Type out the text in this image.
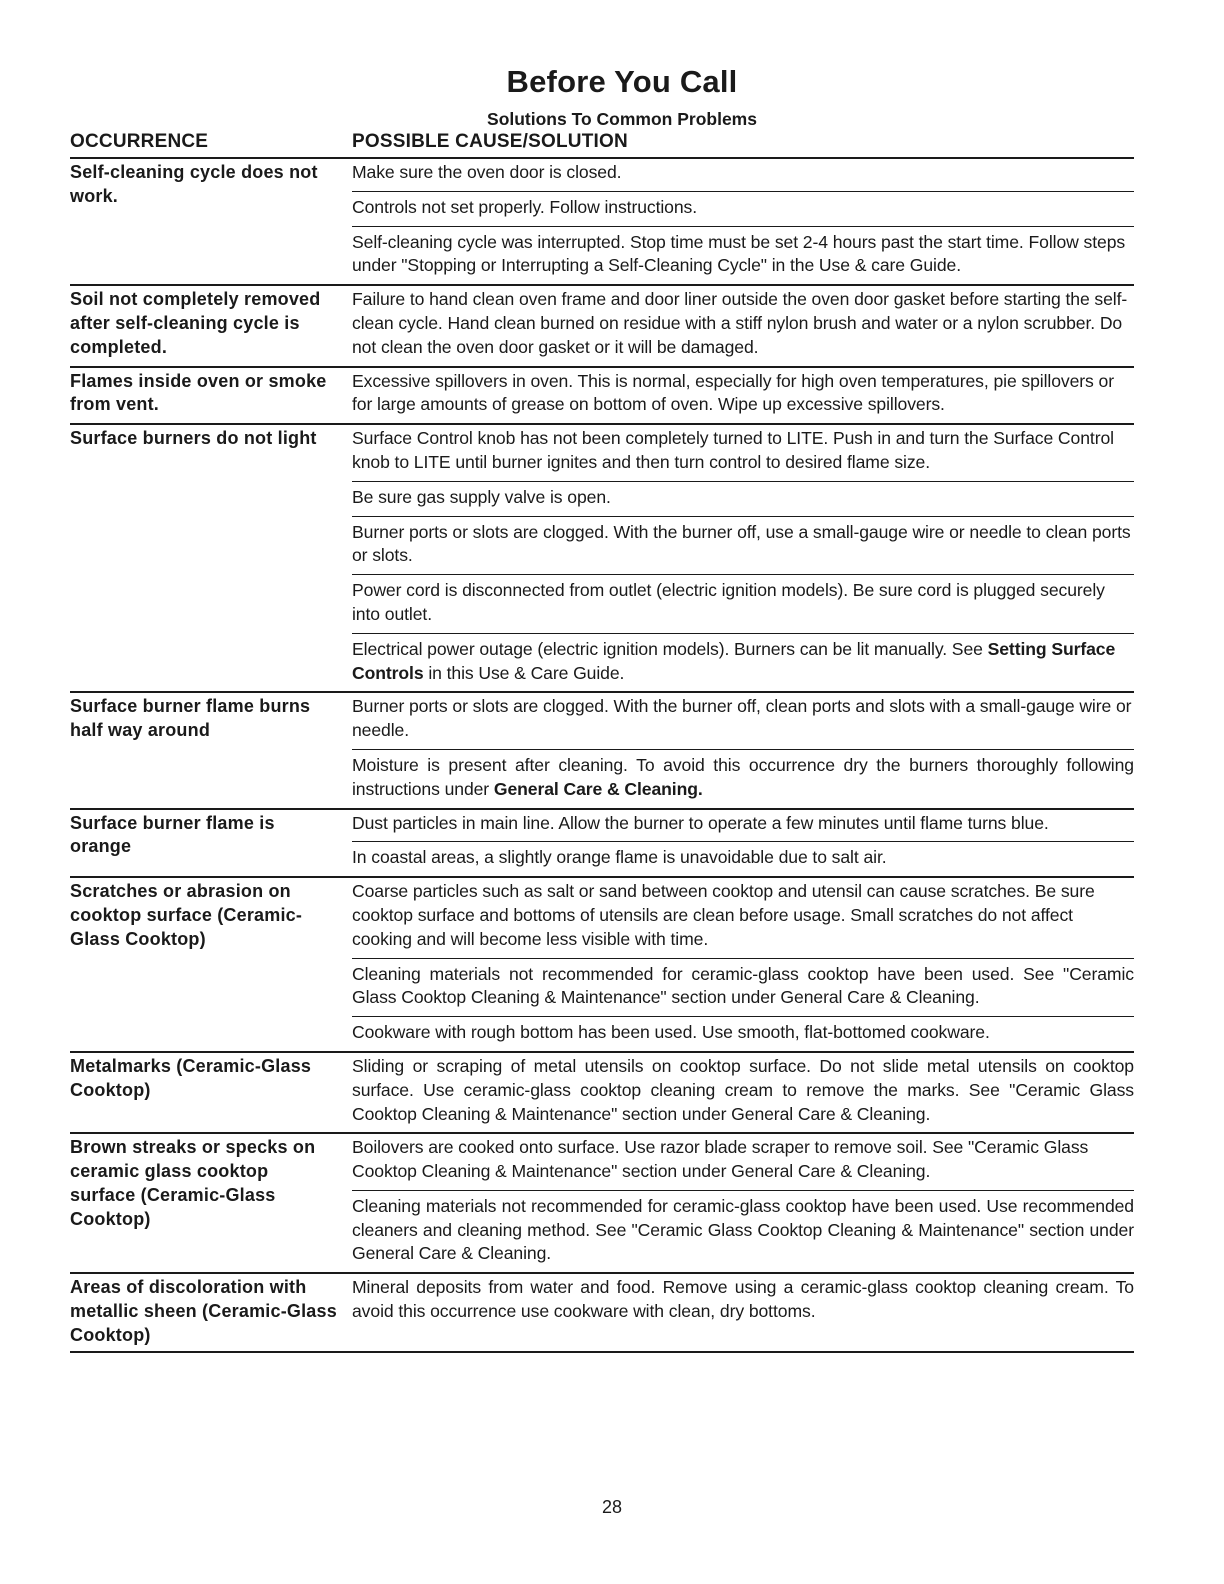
Before You Call
Solutions To Common Problems
OCCURRENCE	POSSIBLE CAUSE/SOLUTION
Self-cleaning cycle does not work.
Make sure the oven door is closed.
Controls not set properly. Follow instructions.
Self-cleaning cycle was interrupted. Stop time must be set 2-4 hours past the start time. Follow steps under "Stopping or Interrupting a Self-Cleaning Cycle" in the Use & care Guide.
Soil not completely removed after self-cleaning cycle is completed.
Failure to hand clean oven frame and door liner outside the oven door gasket before starting the self-clean cycle. Hand clean burned on residue with a stiff nylon brush and water or a nylon scrubber. Do not clean the oven door gasket or it will be damaged.
Flames inside oven or smoke from vent.
Excessive spillovers in oven. This is normal, especially for high oven temperatures, pie spillovers or for large amounts of grease on bottom of oven. Wipe up excessive spillovers.
Surface burners do not light	Surface Control knob has not been completely turned to LITE. Push in and turn the Surface Control knob to LITE until burner ignites and then turn control to desired flame size.
Be sure gas supply valve is open.
Burner ports or slots are clogged. With the burner off, use a small-gauge wire or needle to clean ports or slots.
Power cord is disconnected from outlet (electric ignition models). Be sure cord is plugged securely into outlet.
Electrical power outage (electric ignition models). Burners can be lit manually. See Setting Surface Controls in this Use & Care Guide.
Surface burner flame burns half way around
Burner ports or slots are clogged. With the burner off, clean ports and slots with a small-gauge wire or needle.
Moisture is present after cleaning. To avoid this occurrence dry the burners thoroughly following instructions under General Care & Cleaning.
Surface burner flame is orange
Dust particles in main line. Allow the burner to operate a few minutes until flame turns blue.
In coastal areas, a slightly orange flame is unavoidable due to salt air.
Scratches or abrasion on cooktop surface (Ceramic-Glass Cooktop)
Coarse particles such as salt or sand between cooktop and utensil can cause scratches. Be sure cooktop surface and bottoms of utensils are clean before usage. Small scratches do not affect cooking and will become less visible with time.
Cleaning materials not recommended for ceramic-glass cooktop have been used. See "Ceramic Glass Cooktop Cleaning & Maintenance" section under General Care & Cleaning.
Cookware with rough bottom has been used. Use smooth, flat-bottomed cookware.
Metalmarks (Ceramic-Glass Cooktop)
Sliding or scraping of metal utensils on cooktop surface. Do not slide metal utensils on cooktop surface. Use ceramic-glass cooktop cleaning cream to remove the marks. See "Ceramic Glass Cooktop Cleaning & Maintenance" section under General Care & Cleaning.
Brown streaks or specks on ceramic glass cooktop surface (Ceramic-Glass Cooktop)
Boilovers are cooked onto surface. Use razor blade scraper to remove soil. See "Ceramic Glass Cooktop Cleaning & Maintenance" section under General Care & Cleaning.
Cleaning materials not recommended for ceramic-glass cooktop have been used. Use recommended cleaners and cleaning method. See "Ceramic Glass Cooktop Cleaning & Maintenance" section under General Care & Cleaning.
Areas of discoloration with metallic sheen (Ceramic-Glass Cooktop)
Mineral deposits from water and food. Remove using a ceramic-glass cooktop cleaning cream. To avoid this occurrence use cookware with clean, dry bottoms.
28
